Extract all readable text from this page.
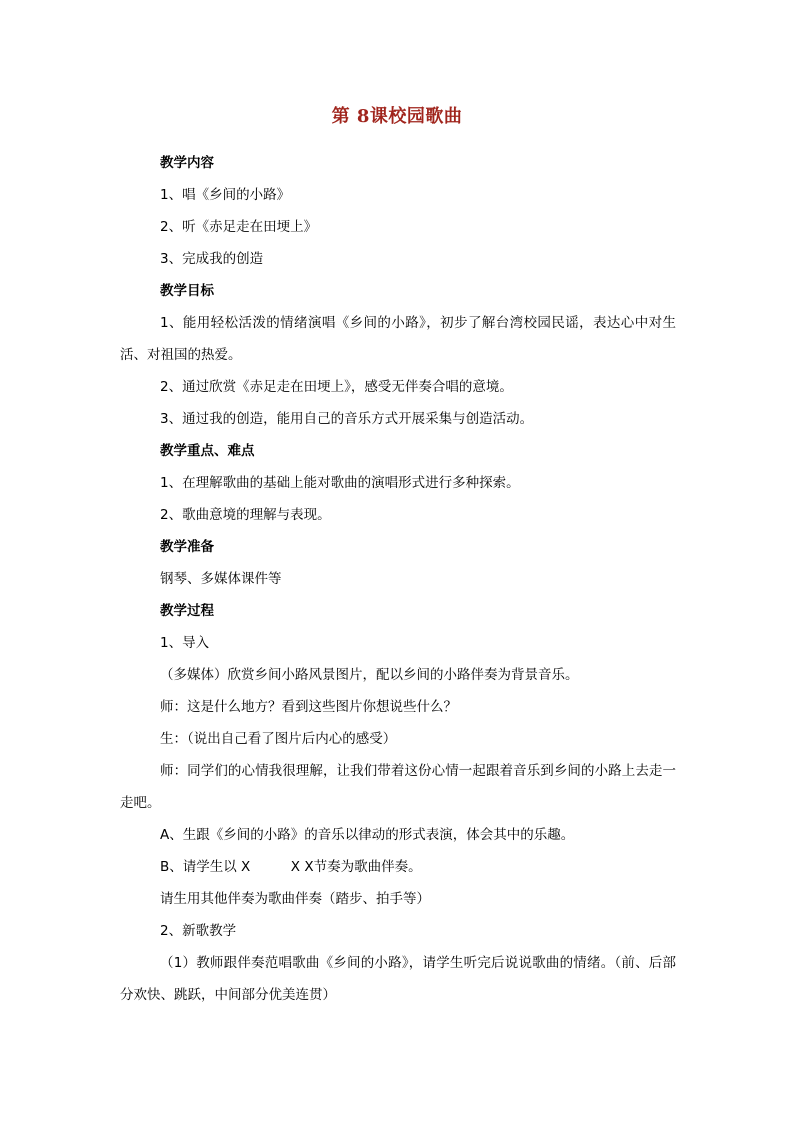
第 8课校园歌曲

教学内容

1、唱《乡间的小路》

2、听《赤足走在田埂上》

3、完成我的创造

教学目标

1、能用轻松活泼的情绪演唱《乡间的小路》，初步了解台湾校园民谣，表达心中对生活、对祖国的热爱。

2、通过欣赏《赤足走在田埂上》，感受无伴奏合唱的意境。

3、通过我的创造，能用自己的音乐方式开展采集与创造活动。

教学重点、难点

1、在理解歌曲的基础上能对歌曲的演唱形式进行多种探索。

2、歌曲意境的理解与表现。

教学准备

钢琴、多媒体课件等

教学过程

1、导入

（多媒体）欣赏乡间小路风景图片，配以乡间的小路伴奏为背景音乐。

师：这是什么地方？看到这些图片你想说些什么？

生：（说出自己看了图片后内心的感受）

师：同学们的心情我很理解，让我们带着这份心情一起跟着音乐到乡间的小路上去走一走吧。

A、生跟《乡间的小路》的音乐以律动的形式表演，体会其中的乐趣。

B、请学生以 X　　　X X节奏为歌曲伴奏。

请生用其他伴奏为歌曲伴奏（踏步、拍手等）

2、新歌教学

（1）教师跟伴奏范唱歌曲《乡间的小路》，请学生听完后说说歌曲的情绪。（前、后部分欢快、跳跃，中间部分优美连贯）
